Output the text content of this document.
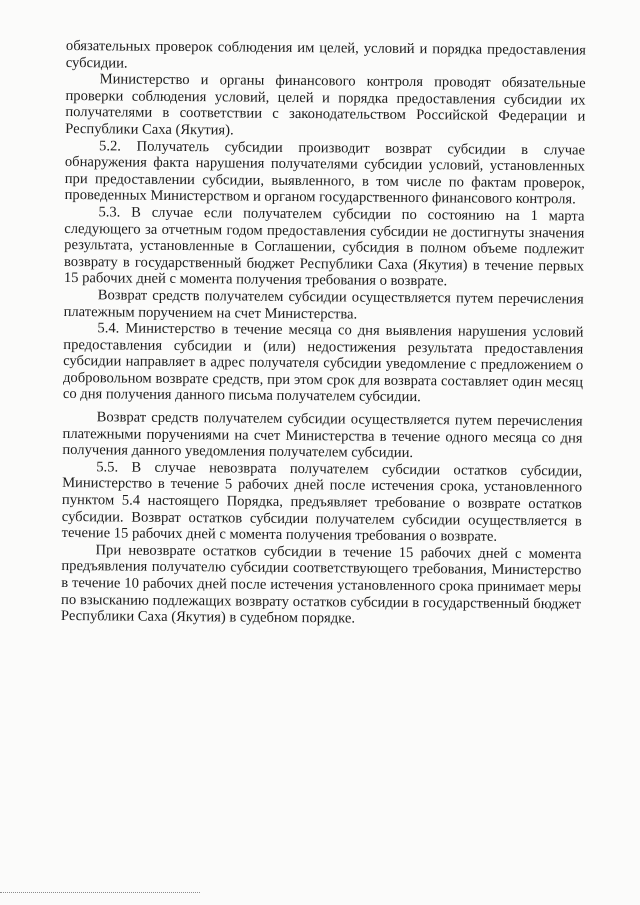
обязательных проверок соблюдения им целей, условий и порядка предоставления субсидии.

Министерство и органы финансового контроля проводят обязательные проверки соблюдения условий, целей и порядка предоставления субсидии их получателями в соответствии с законодательством Российской Федерации и Республики Саха (Якутия).

5.2. Получатель субсидии производит возврат субсидии в случае обнаружения факта нарушения получателями субсидии условий, установленных при предоставлении субсидии, выявленного, в том числе по фактам проверок, проведенных Министерством и органом государственного финансового контроля.

5.3. В случае если получателем субсидии по состоянию на 1 марта следующего за отчетным годом предоставления субсидии не достигнуты значения результата, установленные в Соглашении, субсидия в полном объеме подлежит возврату в государственный бюджет Республики Саха (Якутия) в течение первых 15 рабочих дней с момента получения требования о возврате.

Возврат средств получателем субсидии осуществляется путем перечисления платежным поручением на счет Министерства.

5.4. Министерство в течение месяца со дня выявления нарушения условий предоставления субсидии и (или) недостижения результата предоставления субсидии направляет в адрес получателя субсидии уведомление с предложением о добровольном возврате средств, при этом срок для возврата составляет один месяц со дня получения данного письма получателем субсидии.

Возврат средств получателем субсидии осуществляется путем перечисления платежными поручениями на счет Министерства в течение одного месяца со дня получения данного уведомления получателем субсидии.

5.5. В случае невозврата получателем субсидии остатков субсидии, Министерство в течение 5 рабочих дней после истечения срока, установленного пунктом 5.4 настоящего Порядка, предъявляет требование о возврате остатков субсидии. Возврат остатков субсидии получателем субсидии осуществляется в течение 15 рабочих дней с момента получения требования о возврате.

При невозврате остатков субсидии в течение 15 рабочих дней с момента предъявления получателю субсидии соответствующего требования, Министерство в течение 10 рабочих дней после истечения установленного срока принимает меры по взысканию подлежащих возврату остатков субсидии в государственный бюджет Республики Саха (Якутия) в судебном порядке.
